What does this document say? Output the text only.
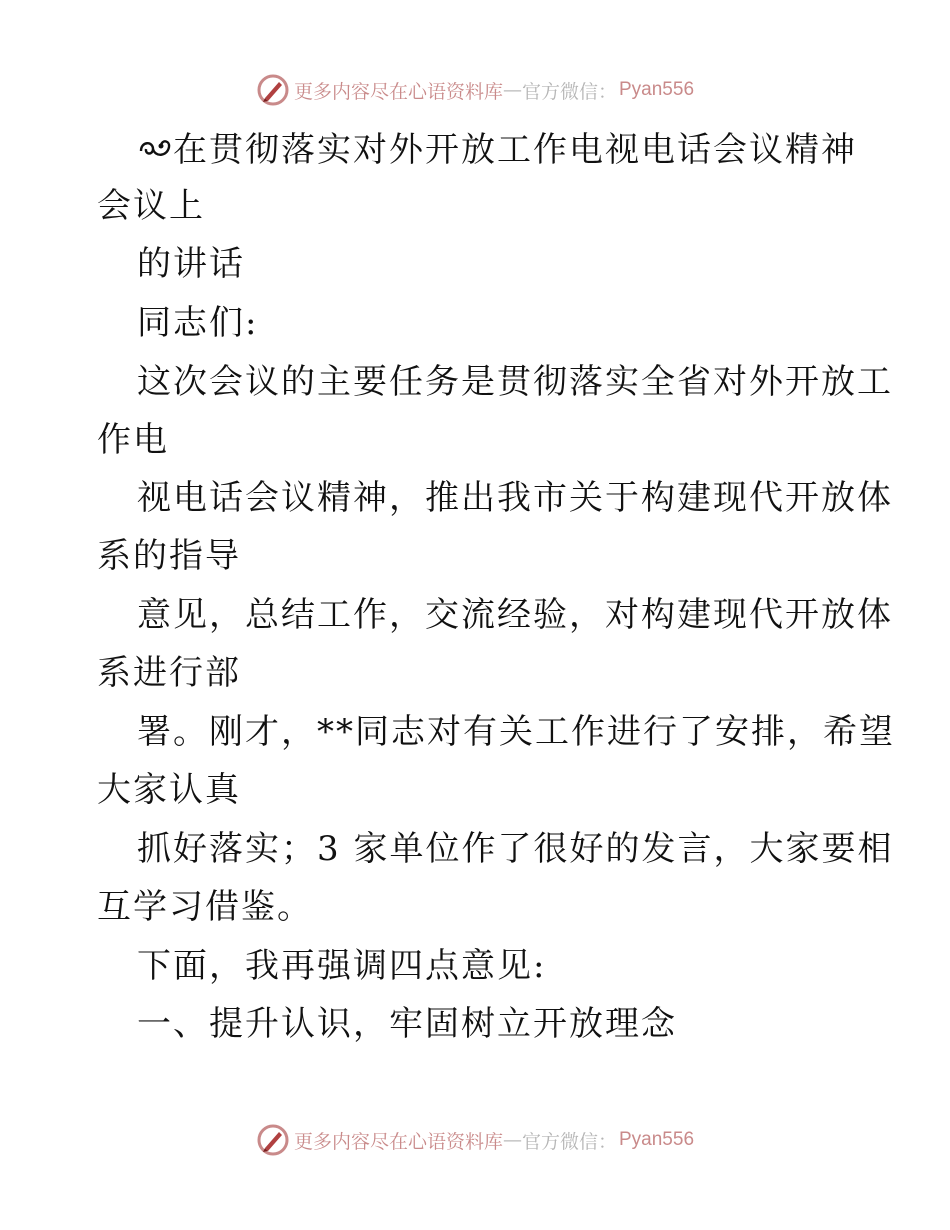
更多内容尽在心语资料库 — 官方微信： Pyan556
在贯彻落实对外开放工作电视电话会议精神
会议上
的讲话
同志们:
这次会议的主要任务是贯彻落实全省对外开放工
作电
视电话会议精神，推出我市关于构建现代开放体
系的指导
意见，总结工作，交流经验，对构建现代开放体
系进行部
署。刚才，**同志对有关工作进行了安排，希望
大家认真
抓好落实；3 家单位作了很好的发言，大家要相
互学习借鉴。
下面，我再强调四点意见:
一、提升认识，牢固树立开放理念
更多内容尽在心语资料库 — 官方微信： Pyan556
